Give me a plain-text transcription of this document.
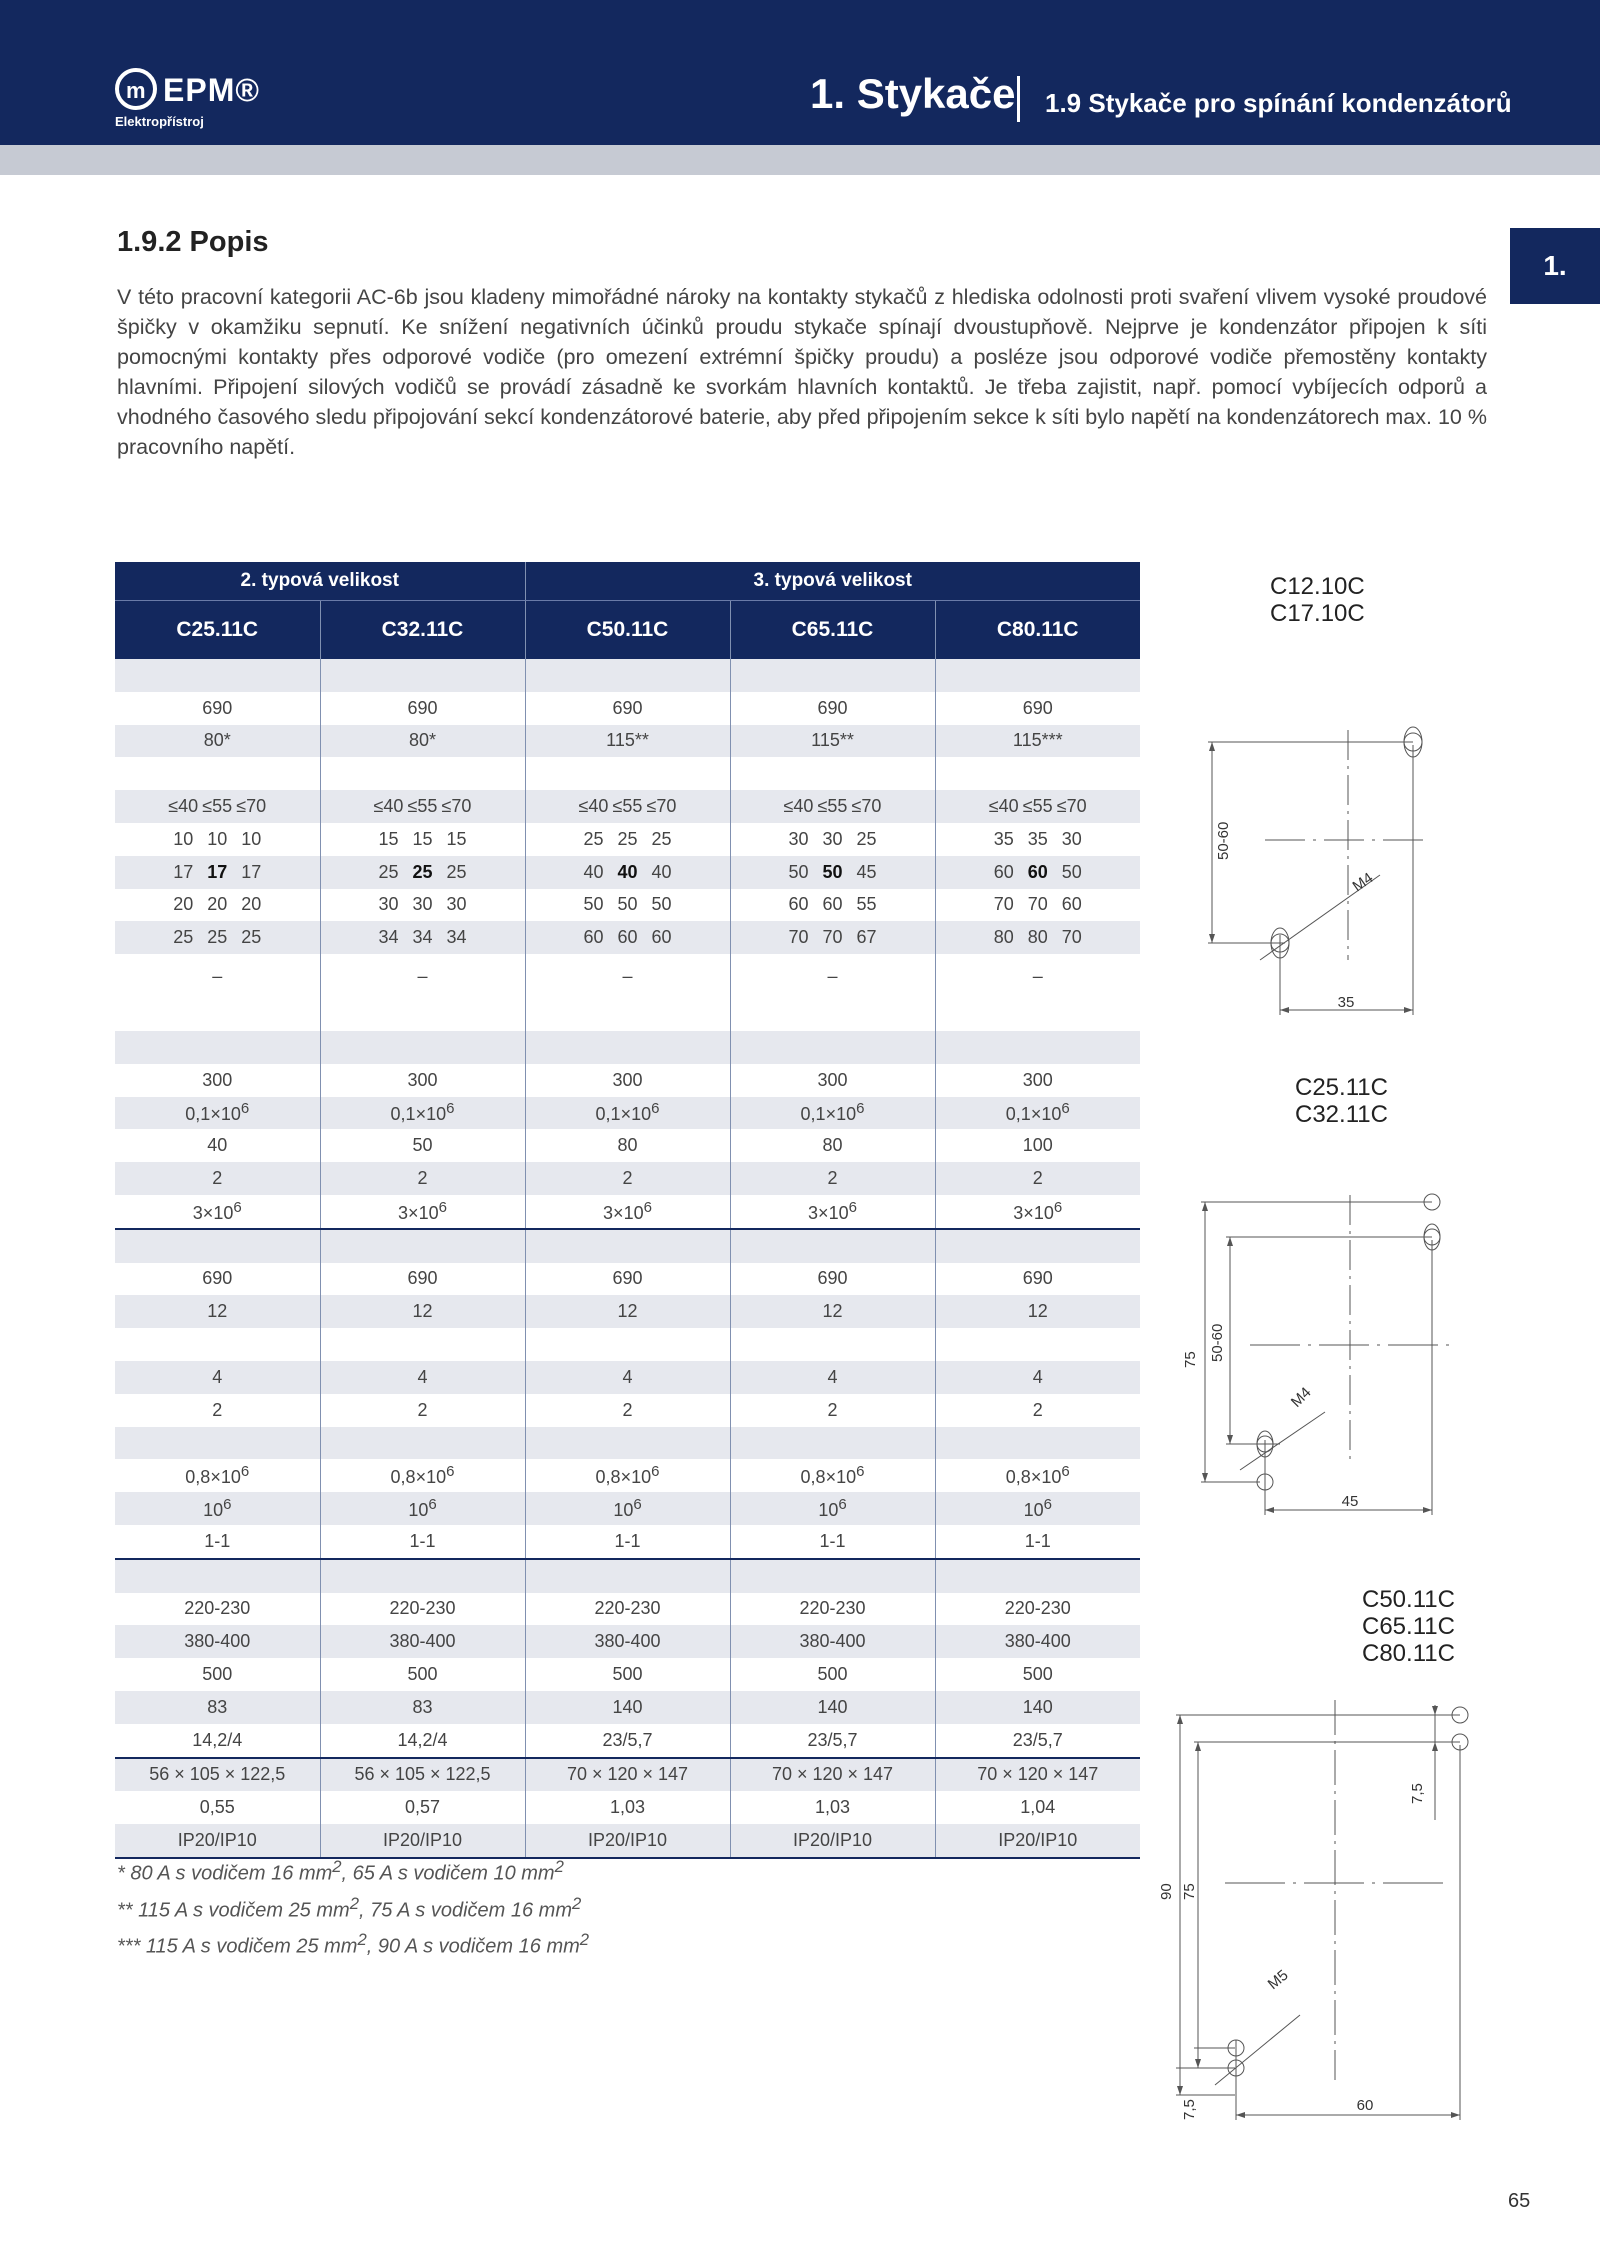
m EPM®
Elektropřístroj
1. Stykače 1.9 Stykače pro spínání kondenzátorů
1.
1.9.2 Popis

V této pracovní kategorii AC-6b jsou kladeny mimořádné nároky na kontakty stykačů z hlediska odolnosti proti svaření vlivem vysoké proudové špičky v okamžiku sepnutí. Ke snížení negativních účinků proudu stykače spínají dvoustupňově. Nejprve je kondenzátor připojen k síti pomocnými kontakty přes odporové vodiče (pro omezení extrémní špičky proudu) a posléze jsou odporové vodiče přemostěny kontakty hlavními. Připojení silových vodičů se provádí zásadně ke svorkám hlavních kontaktů. Je třeba zajistit, např. pomocí vybíjecích odporů a vhodného časového sledu připojování sekcí kondenzátorové baterie, aby před připojením sekce k síti bylo napětí na kondenzátorech max. 10 % pracovního napětí.

2. typová velikost		3. typová velikost		
C25.11C	C32.11C	C50.11C	C65.11C	C80.11C

690	690	690	690	690
80*	80*	115**	115**	115***

≤40 ≤55 ≤70	≤40 ≤55 ≤70	≤40 ≤55 ≤70	≤40 ≤55 ≤70	≤40 ≤55 ≤70
10 10 10	15 15 15	25 25 25	30 30 25	35 35 30
17 17 17	25 25 25	40 40 40	50 50 45	60 60 50
20 20 20	30 30 30	50 50 50	60 60 55	70 70 60
25 25 25	34 34 34	60 60 60	70 70 67	80 80 70
–	–	–	–	–

300	300	300	300	300
$0,1\times 10^6$	$0,1\times 10^6$	$0,1\times 10^6$	$0,1\times 10^6$	$0,1\times 10^6$
40	50	80	80	100
2	2	2	2	2
$3\times 10^6$	$3\times 10^6$	$3\times 10^6$	$3\times 10^6$	$3\times 10^6$

690	690	690	690	690
12	12	12	12	12

4	4	4	4	4
2	2	2	2	2

$0,8\times 10^6$	$0,8\times 10^6$	$0,8\times 10^6$	$0,8\times 10^6$	$0,8\times 10^6$
$10^6$	$10^6$	$10^6$	$10^6$	$10^6$
1-1	1-1	1-1	1-1	1-1

220-230	220-230	220-230	220-230	220-230
380-400	380-400	380-400	380-400	380-400
500	500	500	500	500
83	83	140	140	140
14,2/4	14,2/4	23/5,7	23/5,7	23/5,7
56 × 105 × 122,5	56 × 105 × 122,5	70 × 120 × 147	70 × 120 × 147	70 × 120 × 147
0,55	0,57	1,03	1,03	1,04
IP20/IP10	IP20/IP10	IP20/IP10	IP20/IP10	IP20/IP10
* 80 A s vodičem 16 $mm^2$, 65 A s vodičem 10 $mm^2$
** 115 A s vodičem 25 $mm^2$, 75 A s vodičem 16 $mm^2$
*** 115 A s vodičem 25 $mm^2$, 90 A s vodičem 16 $mm^2$
C12.10C
C17.10C
50-60
M4
35
C25.11C
C32.11C
75 50-60
M4
45
C50.11C
C65.11C
C80.11C
90 75
7,5
M5
60
7,5
65
